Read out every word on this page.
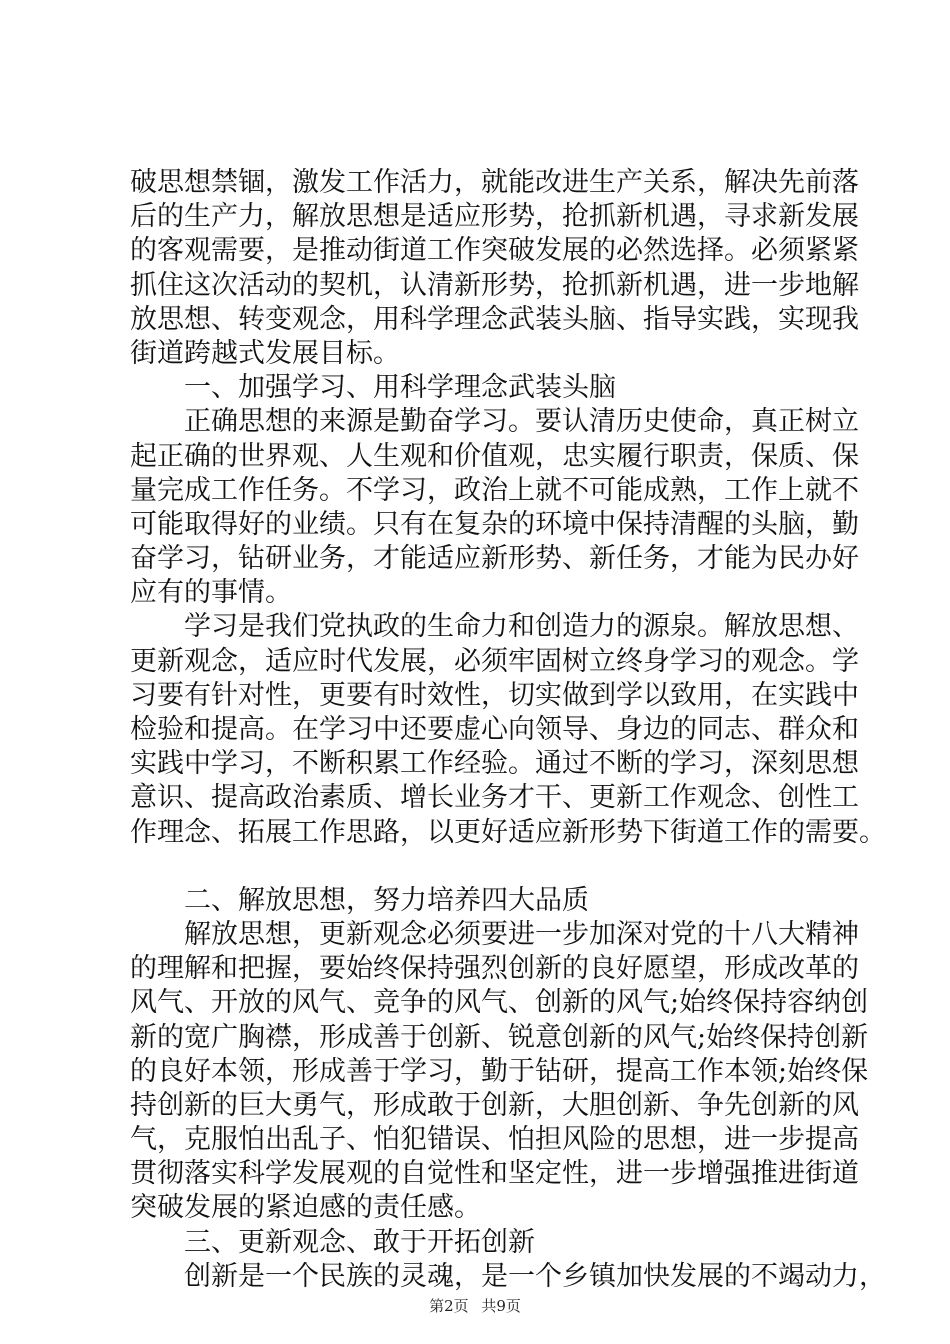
破思想禁锢，激发工作活力，就能改进生产关系，解决先前落
后的生产力，解放思想是适应形势，抢抓新机遇，寻求新发展
的客观需要，是推动街道工作突破发展的必然选择。必须紧紧
抓住这次活动的契机，认清新形势，抢抓新机遇，进一步地解
放思想、转变观念，用科学理念武装头脑、指导实践，实现我
街道跨越式发展目标。
一、加强学习、用科学理念武装头脑
正确思想的来源是勤奋学习。要认清历史使命，真正树立
起正确的世界观、人生观和价值观，忠实履行职责，保质、保
量完成工作任务。不学习，政治上就不可能成熟，工作上就不
可能取得好的业绩。只有在复杂的环境中保持清醒的头脑，勤
奋学习，钻研业务，才能适应新形势、新任务，才能为民办好
应有的事情。
学习是我们党执政的生命力和创造力的源泉。解放思想、
更新观念，适应时代发展，必须牢固树立终身学习的观念。学
习要有针对性，更要有时效性，切实做到学以致用，在实践中
检验和提高。在学习中还要虚心向领导、身边的同志、群众和
实践中学习，不断积累工作经验。通过不断的学习，深刻思想
意识、提高政治素质、增长业务才干、更新工作观念、创性工
作理念、拓展工作思路，以更好适应新形势下街道工作的需要。
二、解放思想，努力培养四大品质
解放思想，更新观念必须要进一步加深对党的十八大精神
的理解和把握，要始终保持强烈创新的良好愿望，形成改革的
风气、开放的风气、竞争的风气、创新的风气;始终保持容纳创
新的宽广胸襟，形成善于创新、锐意创新的风气;始终保持创新
的良好本领，形成善于学习，勤于钻研，提高工作本领;始终保
持创新的巨大勇气，形成敢于创新，大胆创新、争先创新的风
气，克服怕出乱子、怕犯错误、怕担风险的思想，进一步提高
贯彻落实科学发展观的自觉性和坚定性，进一步增强推进街道
突破发展的紧迫感的责任感。
三、更新观念、敢于开拓创新
创新是一个民族的灵魂，是一个乡镇加快发展的不竭动力，
第2页 共9页
